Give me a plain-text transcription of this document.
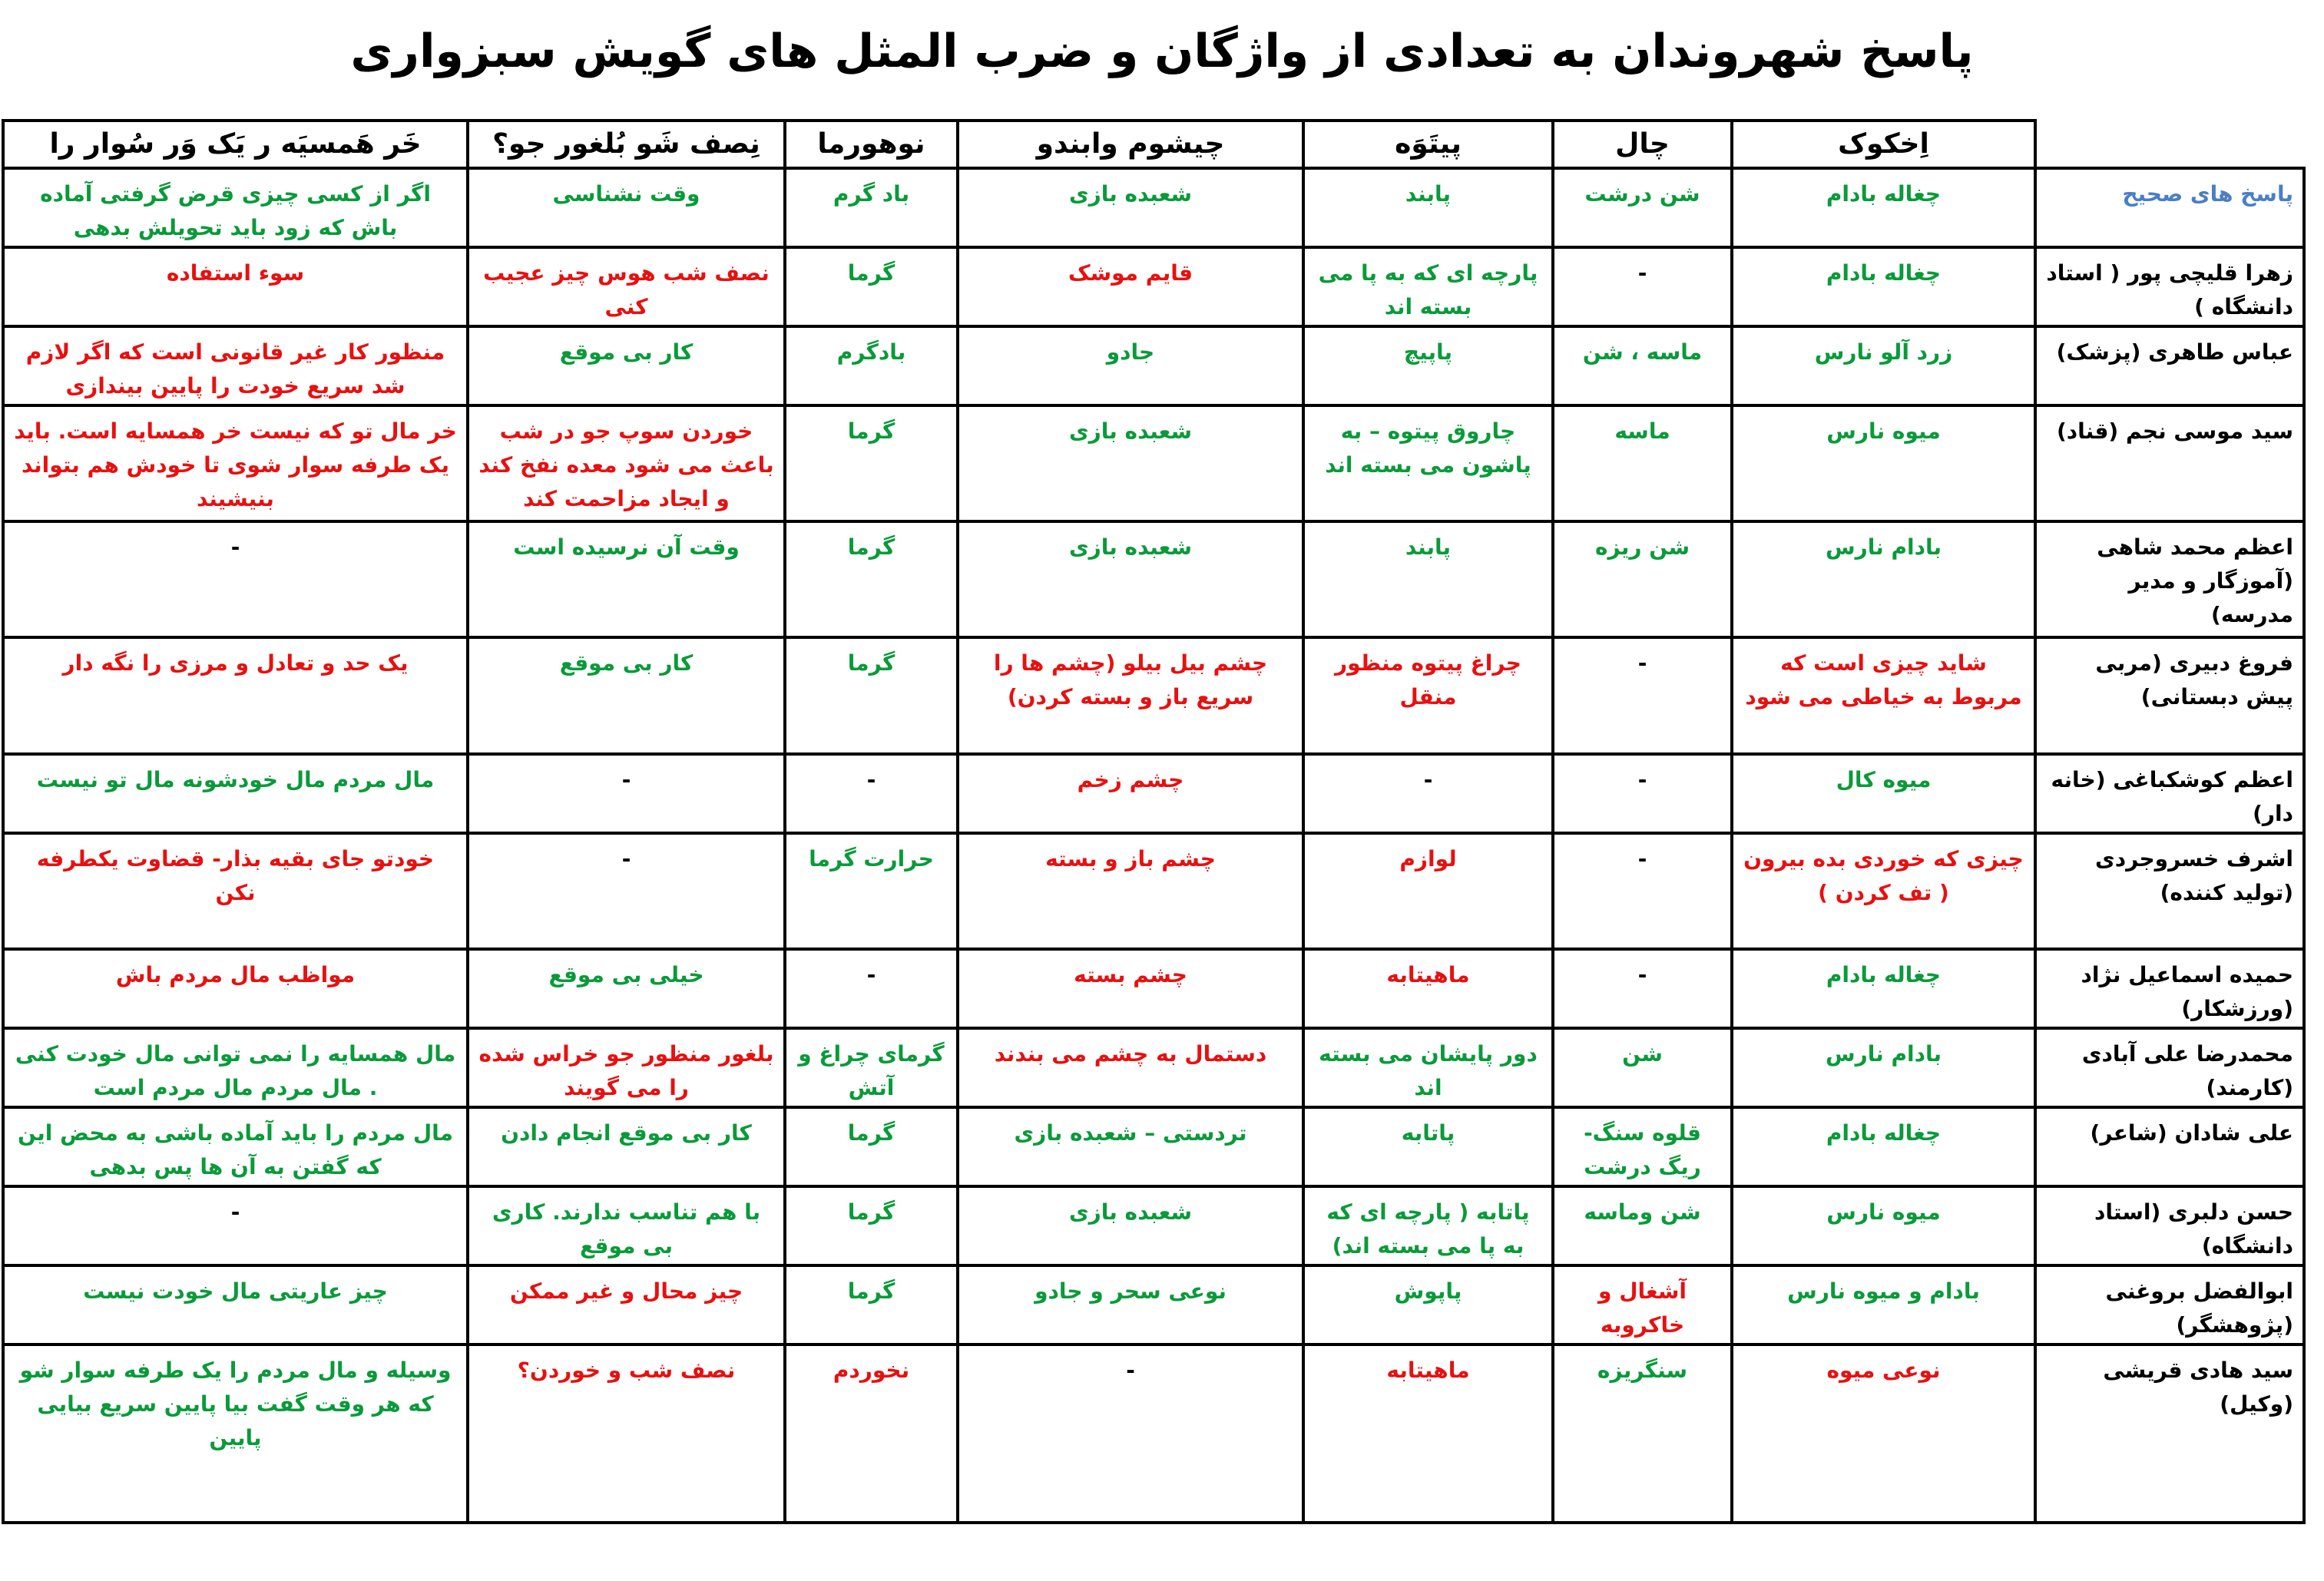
پاسخ شهروندان به تعدادی از واژگان و ضرب المثل های گویش سبزواری
	اِخکوک	چال	پیتَوَه	چیشوم وابندو	نوهورما	نِصف شَو بُلغور جو؟	خَر هَمسیَه ر یَک وَر سُوار را
پاسخ های صحیح	چغاله بادام	شن درشت	پابند	شعبده بازی	باد گرم	وقت نشناسی	اگر از کسی چیزی قرض گرفتی آماده باش که زود باید تحویلش بدهی
زهرا قلیچی پور ( استاد دانشگاه )	چغاله بادام	-	پارچه ای که به پا می بسته اند	قایم موشک	گرما	نصف شب هوس چیز عجیب کنی	سوء استفاده
عباس طاهری (پزشک)	زرد آلو نارس	ماسه ، شن	پاپیچ	جادو	بادگرم	کار بی موقع	منظور کار غیر قانونی است که اگر لازم شد سریع خودت را پایین بیندازی
سید موسی نجم (قناد)	میوه نارس	ماسه	چاروق پیتوه – به پاشون می بسته اند	شعبده بازی	گرما	خوردن سوپ جو در شب باعث می شود معده نفخ کند و ایجاد مزاحمت کند	خر مال تو که نیست خر همسایه است. باید یک طرفه سوار شوی تا خودش هم بتواند بنیشیند
اعظم محمد شاهی (آموزگار و مدیر مدرسه)	بادام نارس	شن ریزه	پابند	شعبده بازی	گرما	وقت آن نرسیده است	-
فروغ دبیری (مربی پیش دبستانی)	شاید چیزی است که مربوط به خیاطی می شود	-	چراغ پیتوه منظور منقل	چشم بیل بیلو (چشم ها را سریع باز و بسته کردن)	گرما	کار بی موقع	یک حد و تعادل و مرزی را نگه دار
اعظم کوشکباغی (خانه دار)	میوه کال	-	-	چشم زخم	-	-	مال مردم مال خودشونه مال تو نیست
اشرف خسروجردی (تولید کننده)	چیزی که خوردی بده بیرون ( تف کردن )	-	لوازم	چشم باز و بسته	حرارت گرما	-	خودتو جای بقیه بذار- قضاوت یکطرفه نکن
حمیده اسماعیل نژاد (ورزشکار)	چغاله بادام	-	ماهیتابه	چشم بسته	-	خیلی بی موقع	مواظب مال مردم باش
محمدرضا علی آبادی (کارمند)	بادام نارس	شن	دور پایشان می بسته اند	دستمال به چشم می بندند	گرمای چراغ و آتش	بلغور منظور جو خراس شده را می گویند	مال همسایه را نمی توانی مال خودت کنی . مال مردم مال مردم است
علی شادان (شاعر)	چغاله بادام	قلوه سنگ- ریگ درشت	پاتابه	تردستی – شعبده بازی	گرما	کار بی موقع انجام دادن	مال مردم را باید آماده باشی به محض این که گفتن به آن ها پس بدهی
حسن دلبری (استاد دانشگاه)	میوه نارس	شن وماسه	پاتابه ( پارچه ای که به پا می بسته اند)	شعبده بازی	گرما	با هم تناسب ندارند. کاری بی موقع	-
ابوالفضل بروغنی (پژوهشگر)	بادام و میوه نارس	آشغال و خاکروبه	پاپوش	نوعی سحر و جادو	گرما	چیز محال و غیر ممکن	چیز عاریتی مال خودت نیست
سید هادی قریشی (وکیل)	نوعی میوه	سنگریزه	ماهیتابه	-	نخوردم	نصف شب و خوردن؟	وسیله و مال مردم را یک طرفه سوار شو که هر وقت گفت بیا پایین سریع بیایی پایین
